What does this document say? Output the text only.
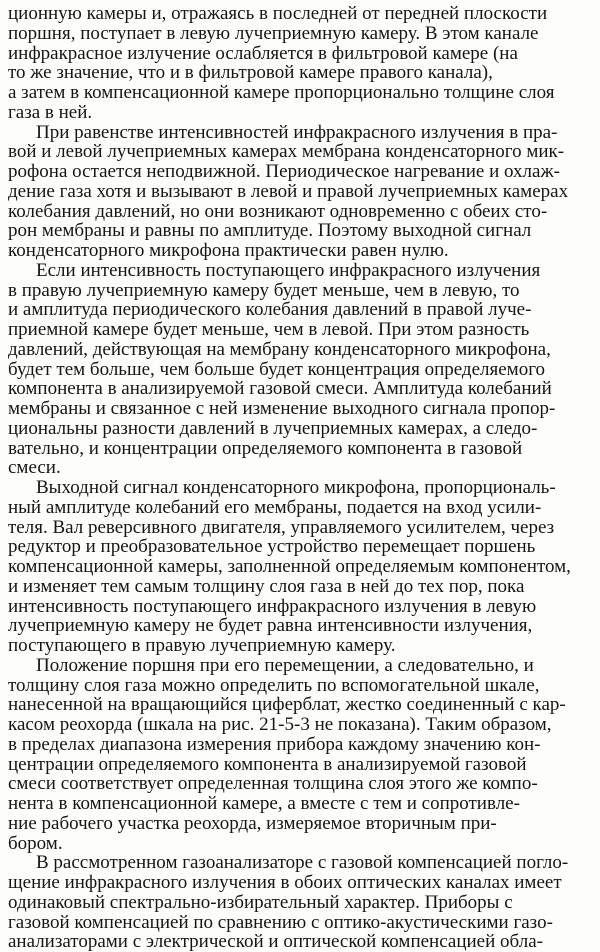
ционную камеры и, отражаясь в последней от передней плоскости
поршня, поступает в левую лучеприемную камеру. В этом канале
инфракрасное излучение ослабляется в фильтровой камере (на
то же значение, что и в фильтровой камере правого канала),
а затем в компенсационной камере пропорционально толщине слоя
газа в ней.
При равенстве интенсивностей инфракрасного излучения в пра-
вой и левой лучеприемных камерах мембрана конденсаторного мик-
рофона остается неподвижной. Периодическое нагревание и охлаж-
дение газа хотя и вызывают в левой и правой лучеприемных камерах
колебания давлений, но они возникают одновременно с обеих сто-
рон мембраны и равны по амплитуде. Поэтому выходной сигнал
конденсаторного микрофона практически равен нулю.
Если интенсивность поступающего инфракрасного излучения
в правую лучеприемную камеру будет меньше, чем в левую, то
и амплитуда периодического колебания давлений в правой луче-
приемной камере будет меньше, чем в левой. При этом разность
давлений, действующая на мембрану конденсаторного микрофона,
будет тем больше, чем больше будет концентрация определяемого
компонента в анализируемой газовой смеси. Амплитуда колебаний
мембраны и связанное с ней изменение выходного сигнала пропор-
циональны разности давлений в лучеприемных камерах, а следо-
вательно, и концентрации определяемого компонента в газовой
смеси.
Выходной сигнал конденсаторного микрофона, пропорциональ-
ный амплитуде колебаний его мембраны, подается на вход усили-
теля. Вал реверсивного двигателя, управляемого усилителем, через
редуктор и преобразовательное устройство перемещает поршень
компенсационной камеры, заполненной определяемым компонентом,
и изменяет тем самым толщину слоя газа в ней до тех пор, пока
интенсивность поступающего инфракрасного излучения в левую
лучеприемную камеру не будет равна интенсивности излучения,
поступающего в правую лучеприемную камеру.
Положение поршня при его перемещении, а следовательно, и
толщину слоя газа можно определить по вспомогательной шкале,
нанесенной на вращающийся циферблат, жестко соединенный с кар-
касом реохорда (шкала на рис. 21-5-3 не показана). Таким образом,
в пределах диапазона измерения прибора каждому значению кон-
центрации определяемого компонента в анализируемой газовой
смеси соответствует определенная толщина слоя этого же компо-
нента в компенсационной камере, а вместе с тем и сопротивле-
ние рабочего участка реохорда, измеряемое вторичным при-
бором.
В рассмотренном газоанализаторе с газовой компенсацией погло-
щение инфракрасного излучения в обоих оптических каналах имеет
одинаковый спектрально-избирательный характер. Приборы с
газовой компенсацией по сравнению с оптико-акустическими газо-
анализаторами с электрической и оптической компенсацией обла-
